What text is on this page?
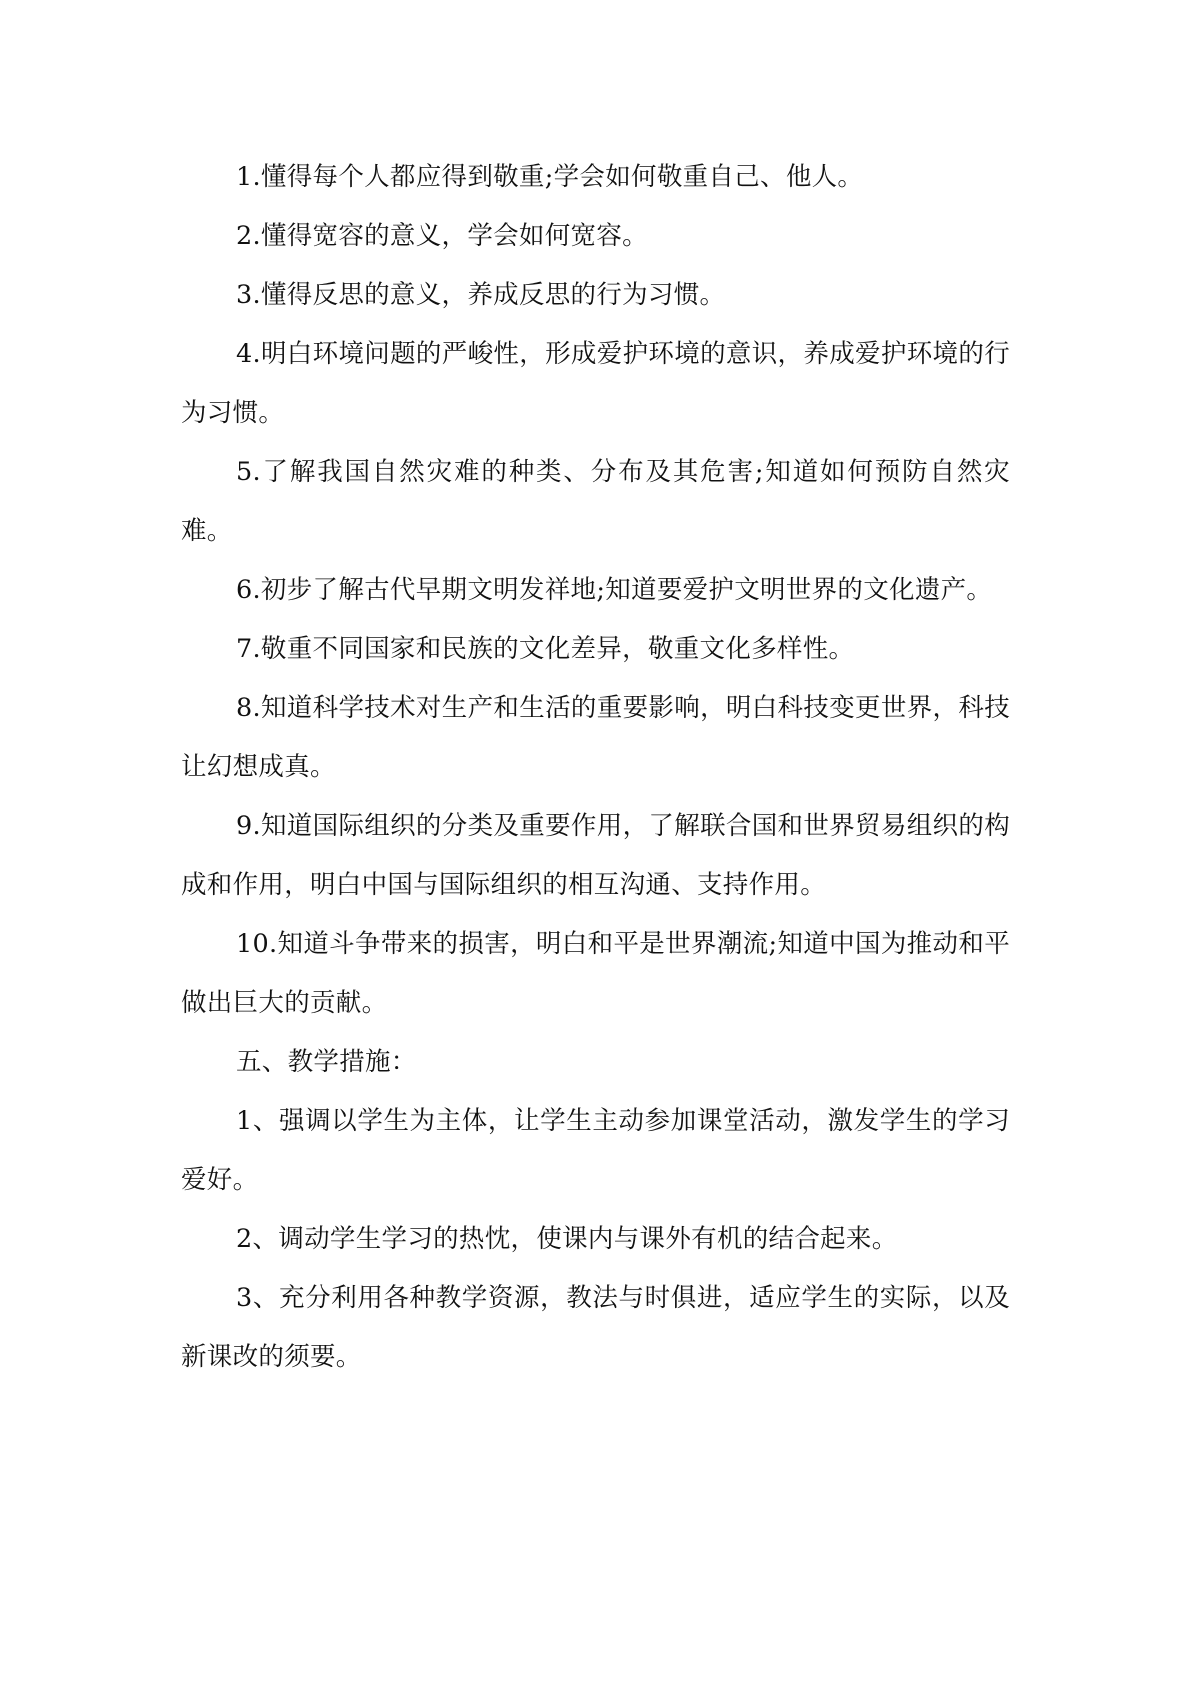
1.懂得每个人都应得到敬重;学会如何敬重自己、他人。

2.懂得宽容的意义，学会如何宽容。

3.懂得反思的意义，养成反思的行为习惯。

4.明白环境问题的严峻性，形成爱护环境的意识，养成爱护环境的行为习惯。

5.了解我国自然灾难的种类、分布及其危害;知道如何预防自然灾难。

6.初步了解古代早期文明发祥地;知道要爱护文明世界的文化遗产。

7.敬重不同国家和民族的文化差异，敬重文化多样性。

8.知道科学技术对生产和生活的重要影响，明白科技变更世界，科技让幻想成真。

9.知道国际组织的分类及重要作用，了解联合国和世界贸易组织的构成和作用，明白中国与国际组织的相互沟通、支持作用。

10.知道斗争带来的损害，明白和平是世界潮流;知道中国为推动和平做出巨大的贡献。

五、教学措施：

1、强调以学生为主体，让学生主动参加课堂活动，激发学生的学习爱好。

2、调动学生学习的热忱，使课内与课外有机的结合起来。

3、充分利用各种教学资源，教法与时俱进，适应学生的实际，以及新课改的须要。
